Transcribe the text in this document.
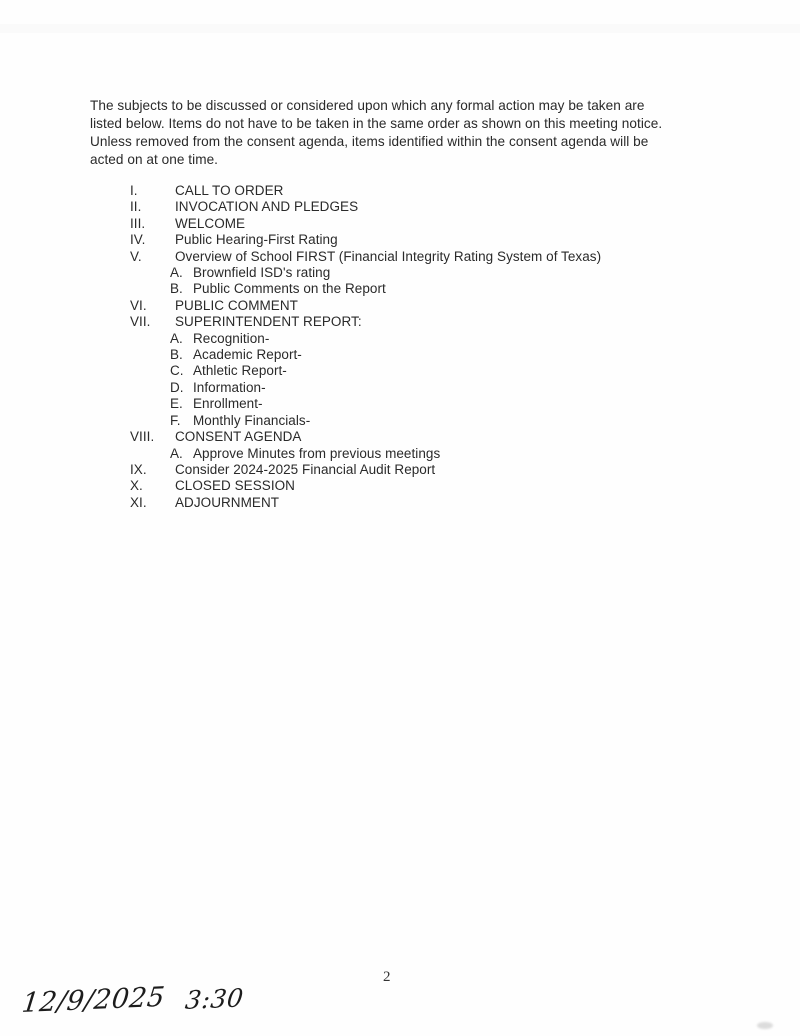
The subjects to be discussed or considered upon which any formal action may be taken are
listed below. Items do not have to be taken in the same order as shown on this meeting notice.
Unless removed from the consent agenda, items identified within the consent agenda will be
acted on at one time.
I.	CALL TO ORDER
II. INVOCATION AND PLEDGES
III. WELCOME
IV. Public Hearing-First Rating
V. Overview of School FIRST (Financial Integrity Rating System of Texas)
A. Brownfield ISD's rating
B. Public Comments on the Report
VI. PUBLIC COMMENT
VII. SUPERINTENDENT REPORT:
A. Recognition-
B. Academic Report-
C. Athletic Report-
D. Information-
E. Enrollment-
F. Monthly Financials-
VIII. CONSENT AGENDA
A. Approve Minutes from previous meetings
IX. Consider 2024-2025 Financial Audit Report
X. CLOSED SESSION
XI. ADJOURNMENT
2
12/9/2025 3:30
